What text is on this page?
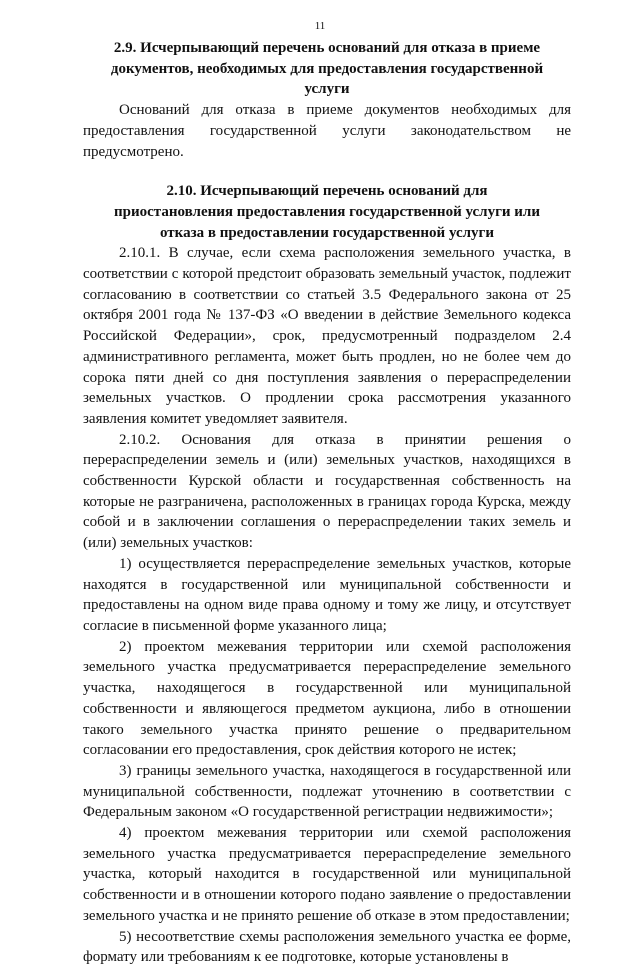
11
2.9. Исчерпывающий перечень оснований для отказа в приеме документов, необходимых для предоставления государственной услуги

Оснований для отказа в приеме документов необходимых для предоставления государственной услуги законодательством не предусмотрено.

2.10. Исчерпывающий перечень оснований для приостановления предоставления государственной услуги или отказа в предоставлении государственной услуги

2.10.1. В случае, если схема расположения земельного участка, в соответствии с которой предстоит образовать земельный участок, подлежит согласованию в соответствии со статьей 3.5 Федерального закона от 25 октября 2001 года № 137-ФЗ «О введении в действие Земельного кодекса Российской Федерации», срок, предусмотренный подразделом 2.4 административного регламента, может быть продлен, но не более чем до сорока пяти дней со дня поступления заявления о перераспределении земельных участков. О продлении срока рассмотрения указанного заявления комитет уведомляет заявителя.

2.10.2. Основания для отказа в принятии решения о перераспределении земель и (или) земельных участков, находящихся в собственности Курской области и государственная собственность на которые не разграничена, расположенных в границах города Курска, между собой и в заключении соглашения о перераспределении таких земель и (или) земельных участков:

1) осуществляется перераспределение земельных участков, которые находятся в государственной или муниципальной собственности и предоставлены на одном виде права одному и тому же лицу, и отсутствует согласие в письменной форме указанного лица;

2) проектом межевания территории или схемой расположения земельного участка предусматривается перераспределение земельного участка, находящегося в государственной или муниципальной собственности и являющегося предметом аукциона, либо в отношении такого земельного участка принято решение о предварительном согласовании его предоставления, срок действия которого не истек;

3) границы земельного участка, находящегося в государственной или муниципальной собственности, подлежат уточнению в соответствии с Федеральным законом «О государственной регистрации недвижимости»;

4) проектом межевания территории или схемой расположения земельного участка предусматривается перераспределение земельного участка, который находится в государственной или муниципальной собственности и в отношении которого подано заявление о предоставлении земельного участка и не принято решение об отказе в этом предоставлении;

5) несоответствие схемы расположения земельного участка ее форме, формату или требованиям к ее подготовке, которые установлены в
